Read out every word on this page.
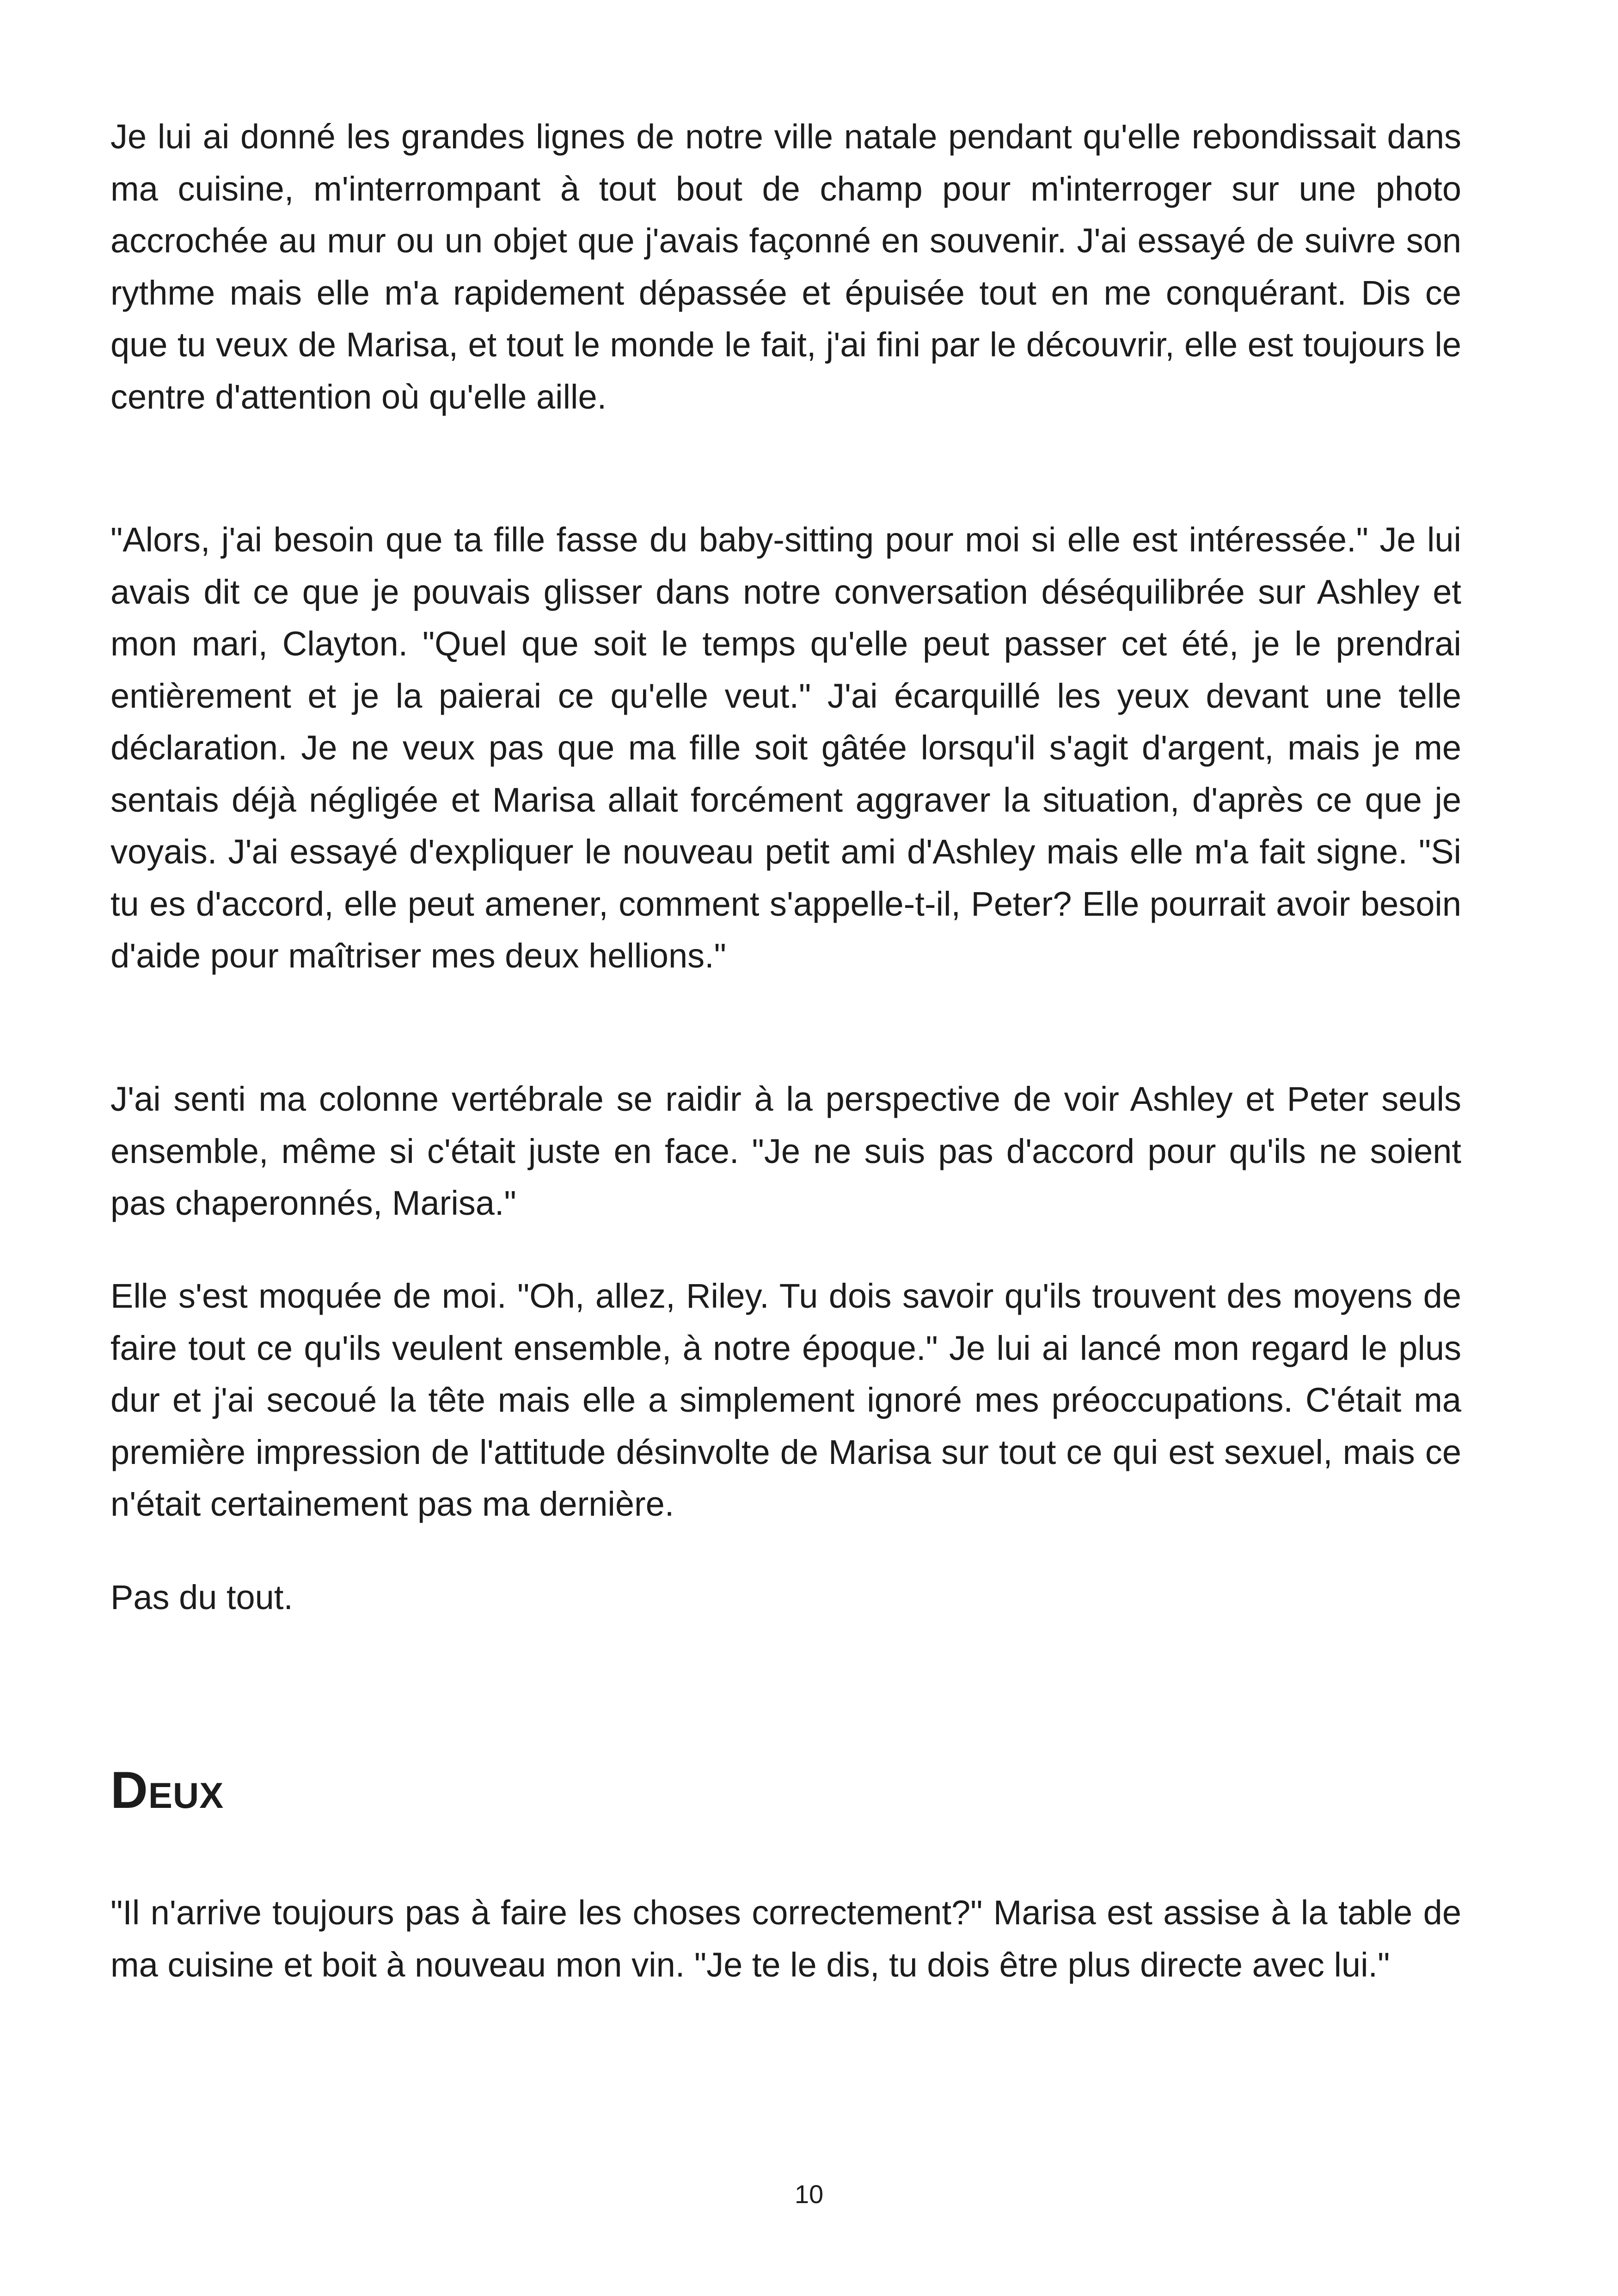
Je lui ai donné les grandes lignes de notre ville natale pendant qu'elle rebondissait dans ma cuisine, m'interrompant à tout bout de champ pour m'interroger sur une photo accrochée au mur ou un objet que j'avais façonné en souvenir. J'ai essayé de suivre son rythme mais elle m'a rapidement dépassée et épuisée tout en me conquérant. Dis ce que tu veux de Marisa, et tout le monde le fait, j'ai fini par le découvrir, elle est toujours le centre d'attention où qu'elle aille.

"Alors, j'ai besoin que ta fille fasse du baby-sitting pour moi si elle est intéressée." Je lui avais dit ce que je pouvais glisser dans notre conversation déséquilibrée sur Ashley et mon mari, Clayton. "Quel que soit le temps qu'elle peut passer cet été, je le prendrai entièrement et je la paierai ce qu'elle veut." J'ai écarquillé les yeux devant une telle déclaration. Je ne veux pas que ma fille soit gâtée lorsqu'il s'agit d'argent, mais je me sentais déjà négligée et Marisa allait forcément aggraver la situation, d'après ce que je voyais. J'ai essayé d'expliquer le nouveau petit ami d'Ashley mais elle m'a fait signe. "Si tu es d'accord, elle peut amener, comment s'appelle-t-il, Peter? Elle pourrait avoir besoin d'aide pour maîtriser mes deux hellions."

J'ai senti ma colonne vertébrale se raidir à la perspective de voir Ashley et Peter seuls ensemble, même si c'était juste en face. "Je ne suis pas d'accord pour qu'ils ne soient pas chaperonnés, Marisa."

Elle s'est moquée de moi. "Oh, allez, Riley. Tu dois savoir qu'ils trouvent des moyens de faire tout ce qu'ils veulent ensemble, à notre époque." Je lui ai lancé mon regard le plus dur et j'ai secoué la tête mais elle a simplement ignoré mes préoccupations. C'était ma première impression de l'attitude désinvolte de Marisa sur tout ce qui est sexuel, mais ce n'était certainement pas ma dernière.

Pas du tout.

Deux

"Il n'arrive toujours pas à faire les choses correctement?" Marisa est assise à la table de ma cuisine et boit à nouveau mon vin. "Je te le dis, tu dois être plus directe avec lui."

10
